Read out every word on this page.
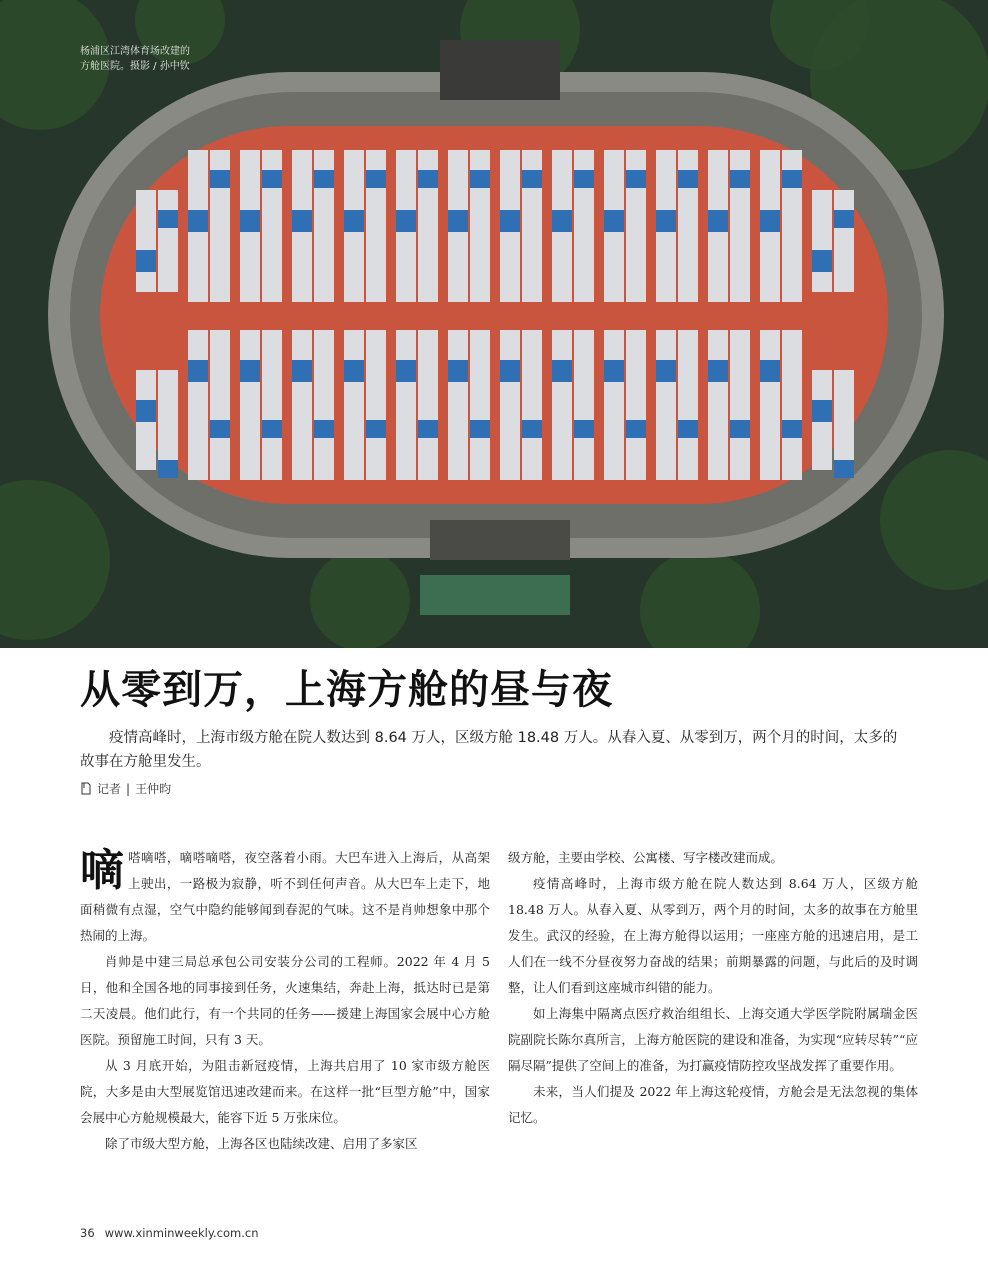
杨浦区江湾体育场改建的
方舱医院。摄影 / 孙中钦
从零到万，上海方舱的昼与夜

疫情高峰时，上海市级方舱在院人数达到 8.64 万人，区级方舱 18.48 万人。从春入夏、从零到万，两个月的时间，太多的故事在方舱里发生。

记者 | 王仲昀

嘀嗒嘀嗒，嘀嗒嘀嗒，夜空落着小雨。大巴车进入上海后，从高架上驶出，一路极为寂静，听不到任何声音。从大巴车上走下，地面稍微有点湿，空气中隐约能够闻到春泥的气味。这不是肖帅想象中那个热闹的上海。

肖帅是中建三局总承包公司安装分公司的工程师。2022 年 4 月 5 日，他和全国各地的同事接到任务，火速集结，奔赴上海，抵达时已是第二天凌晨。他们此行，有一个共同的任务——援建上海国家会展中心方舱医院。预留施工时间，只有 3 天。

从 3 月底开始，为阻击新冠疫情，上海共启用了 10 家市级方舱医院，大多是由大型展览馆迅速改建而来。在这样一批“巨型方舱”中，国家会展中心方舱规模最大，能容下近 5 万张床位。

除了市级大型方舱，上海各区也陆续改建、启用了多家区

级方舱，主要由学校、公寓楼、写字楼改建而成。

疫情高峰时，上海市级方舱在院人数达到 8.64 万人，区级方舱 18.48 万人。从春入夏、从零到万，两个月的时间，太多的故事在方舱里发生。武汉的经验，在上海方舱得以运用；一座座方舱的迅速启用，是工人们在一线不分昼夜努力奋战的结果；前期暴露的问题，与此后的及时调整，让人们看到这座城市纠错的能力。

如上海集中隔离点医疗救治组组长、上海交通大学医学院附属瑞金医院副院长陈尔真所言，上海方舱医院的建设和准备，为实现“应转尽转”“应隔尽隔”提供了空间上的准备，为打赢疫情防控攻坚战发挥了重要作用。

未来，当人们提及 2022 年上海这轮疫情，方舱会是无法忽视的集体记忆。

36 www.xinminweekly.com.cn
